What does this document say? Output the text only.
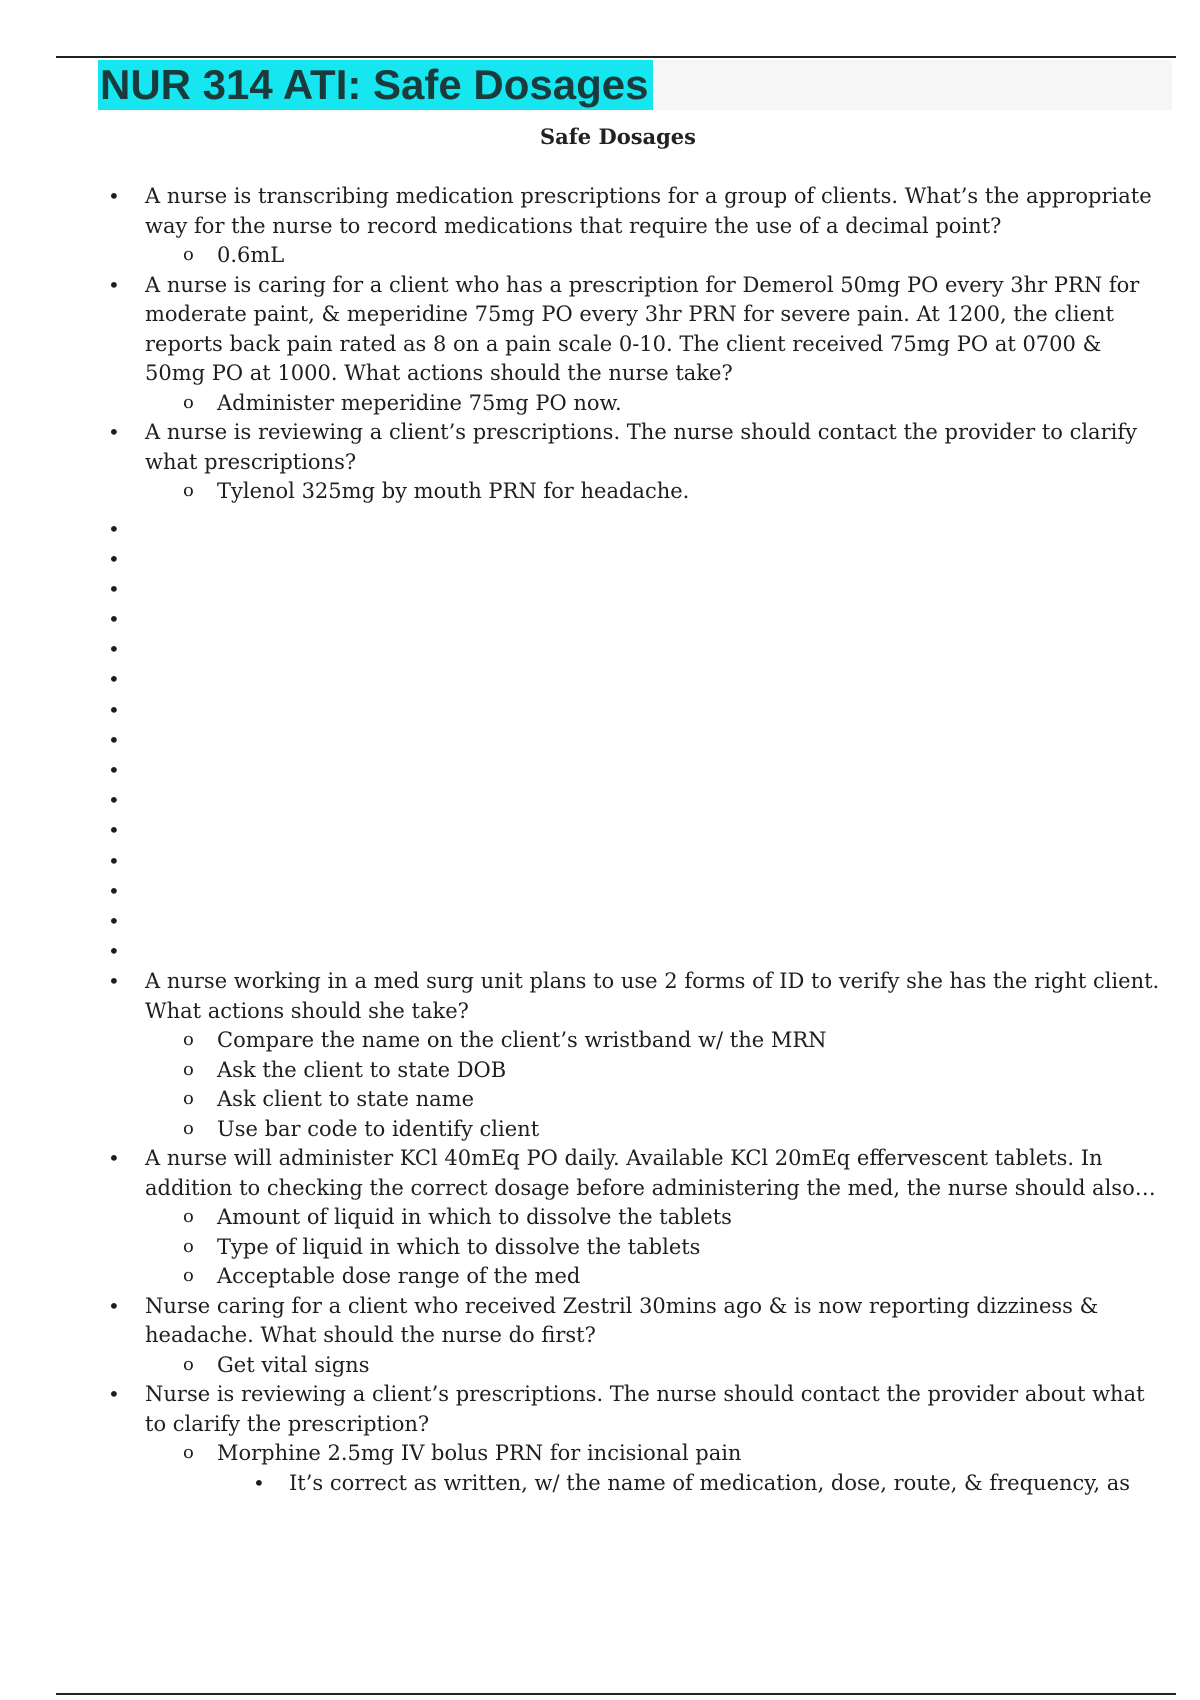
NUR 314 ATI: Safe Dosages
Safe Dosages
• A nurse is transcribing medication prescriptions for a group of clients. What’s the appropriate way for the nurse to record medications that require the use of a decimal point?
o 0.6mL
• A nurse is caring for a client who has a prescription for Demerol 50mg PO every 3hr PRN for moderate paint, & meperidine 75mg PO every 3hr PRN for severe pain. At 1200, the client reports back pain rated as 8 on a pain scale 0-10. The client received 75mg PO at 0700 & 50mg PO at 1000. What actions should the nurse take?
o Administer meperidine 75mg PO now.
• A nurse is reviewing a client’s prescriptions. The nurse should contact the provider to clarify what prescriptions?
o Tylenol 325mg by mouth PRN for headache.
•
•
•
•
•
•
•
•
•
•
•
•
•
•
•
• A nurse working in a med surg unit plans to use 2 forms of ID to verify she has the right client. What actions should she take?
o Compare the name on the client’s wristband w/ the MRN
o Ask the client to state DOB
o Ask client to state name
o Use bar code to identify client
• A nurse will administer KCl 40mEq PO daily. Available KCl 20mEq effervescent tablets. In addition to checking the correct dosage before administering the med, the nurse should also…
o Amount of liquid in which to dissolve the tablets
o Type of liquid in which to dissolve the tablets
o Acceptable dose range of the med
• Nurse caring for a client who received Zestril 30mins ago & is now reporting dizziness & headache. What should the nurse do first?
o Get vital signs
• Nurse is reviewing a client’s prescriptions. The nurse should contact the provider about what to clarify the prescription?
o Morphine 2.5mg IV bolus PRN for incisional pain
• It’s correct as written, w/ the name of medication, dose, route, & frequency, as
